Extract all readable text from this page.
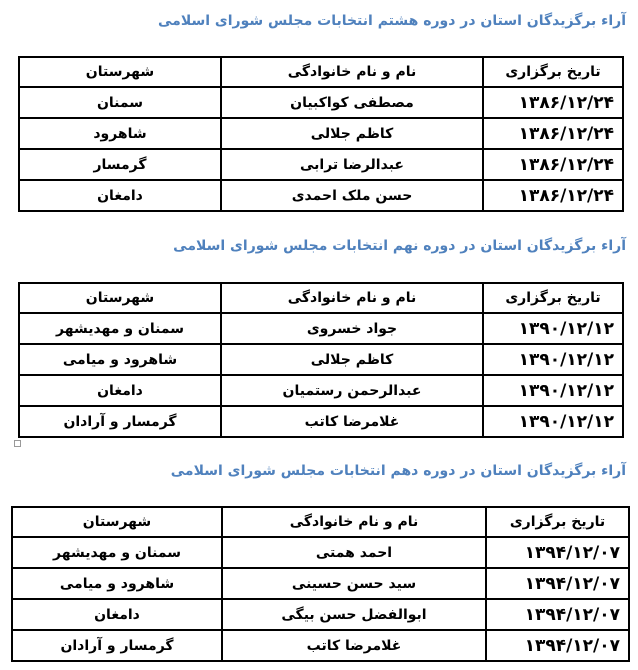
آراء برگزیدگان استان در دوره هشتم انتخابات مجلس شورای اسلامی
تاریخ برگزاری	نام و نام خانوادگی	شهرستان
۱۳۸۶/۱۲/۲۴	مصطفی کواکبیان	سمنان
۱۳۸۶/۱۲/۲۴	کاظم جلالی	شاهرود
۱۳۸۶/۱۲/۲۴	عبدالرضا ترابی	گرمسار
۱۳۸۶/۱۲/۲۴	حسن ملک احمدی	دامغان
آراء برگزیدگان استان در دوره نهم انتخابات مجلس شورای اسلامی
تاریخ برگزاری	نام و نام خانوادگی	شهرستان
۱۳۹۰/۱۲/۱۲	جواد خسروی	سمنان و مهدیشهر
۱۳۹۰/۱۲/۱۲	کاظم جلالی	شاهرود و میامی
۱۳۹۰/۱۲/۱۲	عبدالرحمن رستمیان	دامغان
۱۳۹۰/۱۲/۱۲	غلامرضا کاتب	گرمسار و آرادان
آراء برگزیدگان استان در دوره دهم انتخابات مجلس شورای اسلامی
تاریخ برگزاری	نام و نام خانوادگی	شهرستان
۱۳۹۴/۱۲/۰۷	احمد همتی	سمنان و مهدیشهر
۱۳۹۴/۱۲/۰۷	سید حسن حسینی	شاهرود و میامی
۱۳۹۴/۱۲/۰۷	ابوالفضل حسن بیگی	دامغان
۱۳۹۴/۱۲/۰۷	غلامرضا کاتب	گرمسار و آرادان
